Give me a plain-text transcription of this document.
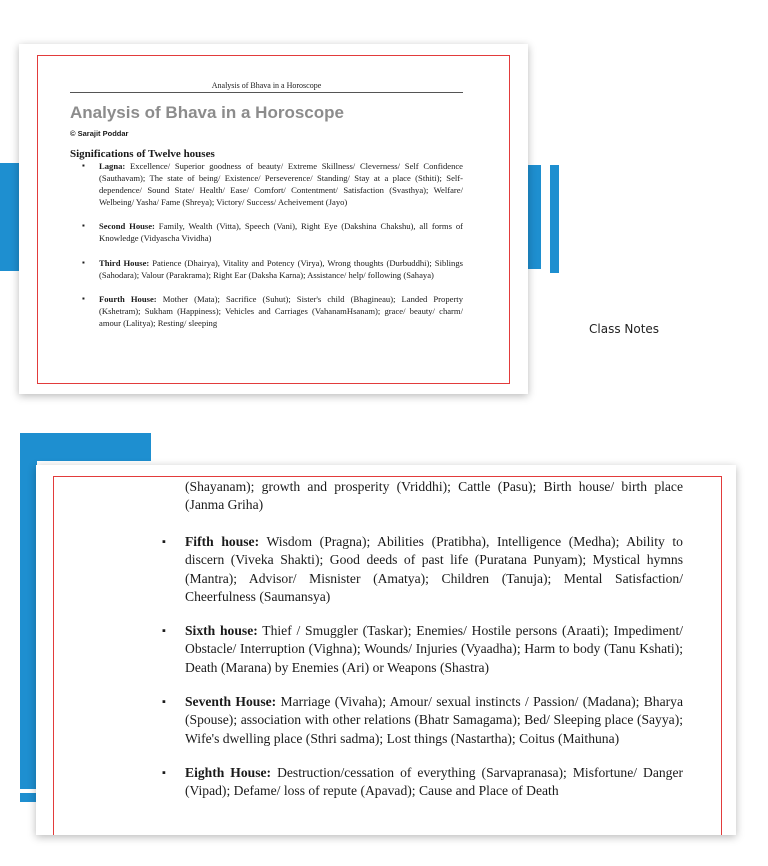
Analysis of Bhava in a Horoscope
Analysis of Bhava in a Horoscope
© Sarajit Poddar
Significations of Twelve houses
▪ Lagna: Excellence/ Superior goodness of beauty/ Extreme Skillness/ Cleverness/ Self Confidence (Sauthavam); The state of being/ Existence/ Perseverence/ Standing/ Stay at a place (Sthiti); Self- dependence/ Sound State/ Health/ Ease/ Comfort/ Contentment/ Satisfaction (Svasthya); Welfare/ Welbeing/ Yasha/ Fame (Shreya); Victory/ Success/ Acheivement (Jayo)
▪ Second House: Family, Wealth (Vitta), Speech (Vani), Right Eye (Dakshina Chakshu), all forms of Knowledge (Vidyascha Vividha)
▪ Third House: Patience (Dhairya), Vitality and Potency (Virya), Wrong thoughts (Durbuddhi); Siblings (Sahodara); Valour (Parakrama); Right Ear (Daksha Karna); Assistance/ help/ following (Sahaya)
▪ Fourth House: Mother (Mata); Sacrifice (Suhut); Sister's child (Bhagineau); Landed Property (Kshetram); Sukham (Happiness); Vehicles and Carriages (VahanamHsanam); grace/ beauty/ charm/ amour (Lalitya); Resting/ sleeping	Class Notes

(Shayanam); growth and prosperity (Vriddhi); Cattle (Pasu); Birth house/ birth place (Janma Griha)

▪ Fifth house: Wisdom (Pragna); Abilities (Pratibha), Intelligence (Medha); Ability to discern (Viveka Shakti); Good deeds of past life (Puratana Punyam); Mystical hymns (Mantra); Advisor/ Misnister (Amatya); Children (Tanuja); Mental Satisfaction/ Cheerfulness (Saumansya)
▪ Sixth house: Thief / Smuggler (Taskar); Enemies/ Hostile persons (Araati); Impediment/ Obstacle/ Interruption (Vighna); Wounds/ Injuries (Vyaadha); Harm to body (Tanu Kshati); Death (Marana) by Enemies (Ari) or Weapons (Shastra)
▪ Seventh House: Marriage (Vivaha); Amour/ sexual instincts / Passion/ (Madana); Bharya (Spouse); association with other relations (Bhatr Samagama); Bed/ Sleeping place (Sayya); Wife's dwelling place (Sthri sadma); Lost things (Nastartha); Coitus (Maithuna)
▪ Eighth House: Destruction/cessation of everything (Sarvapranasa); Misfortune/ Danger (Vipad); Defame/ loss of repute (Apavad); Cause and Place of Death
